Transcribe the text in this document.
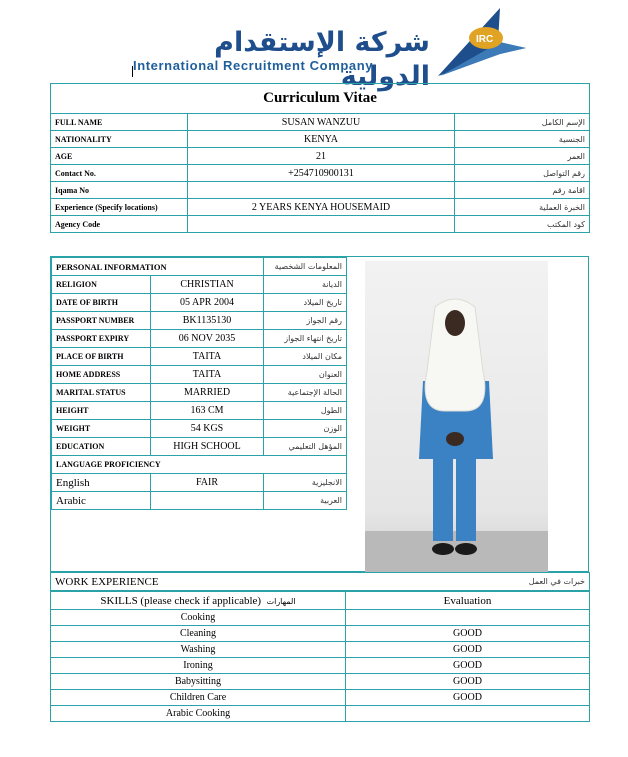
شركة الإستقدام الدولية
International Recruitment Company
IRC
Curriculum Vitae		
FULL NAME	SUSAN WANZUU	الإسم الكامل
NATIONALITY	KENYA	الجنسية
AGE	21	العمر
Contact No.	+254710900131	رقم التواصل
Iqama No		اقامة رقم
Experience (Specify locations)	2 YEARS KENYA HOUSEMAID	الخبرة العملية
Agency Code		كود المكتب
PERSONAL INFORMATION		المعلومات الشخصية
RELIGION	CHRISTIAN	الديانة
DATE OF BIRTH	05 APR 2004	تاريخ الميلاد
PASSPORT NUMBER	BK1135130	رقم الجواز
PASSPORT EXPIRY	06 NOV 2035	تاريخ انتهاء الجواز
PLACE OF BIRTH	TAITA	مكان الميلاد
HOME ADDRESS	TAITA	العنوان
MARITAL STATUS	MARRIED	الحالة الإجتماعية
HEIGHT	163 CM	الطول
WEIGHT	54 KGS	الوزن
EDUCATION	HIGH SCHOOL	المؤهل التعليمي
LANGUAGE PROFICIENCY		
English	FAIR	الانجليزية
Arabic		العربية
WORK EXPERIENCE	خبرات في العمل
SKILLS (please check if applicable) المهارات	Evaluation
Cooking	
Cleaning	GOOD
Washing	GOOD
Ironing	GOOD
Babysitting	GOOD
Children Care	GOOD
Arabic Cooking	
